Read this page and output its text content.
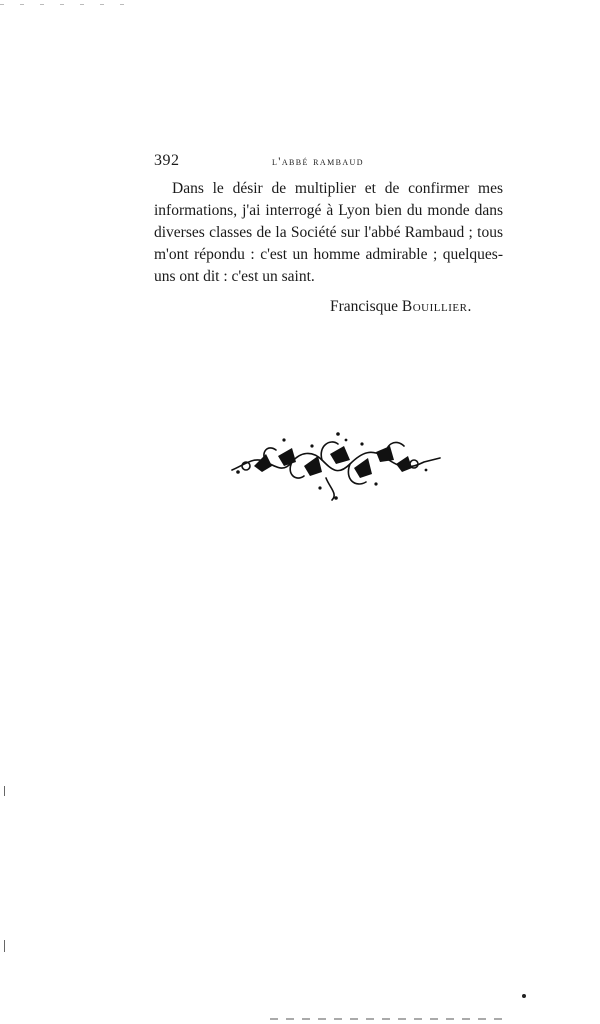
392	l'abbé rambaud
Dans le désir de multiplier et de confirmer mes informations, j'ai interrogé à Lyon bien du monde dans diverses classes de la Société sur l'abbé Rambaud ; tous m'ont répondu : c'est un homme admirable ; quelques-uns ont dit : c'est un saint.
Francisque Bouillier.
